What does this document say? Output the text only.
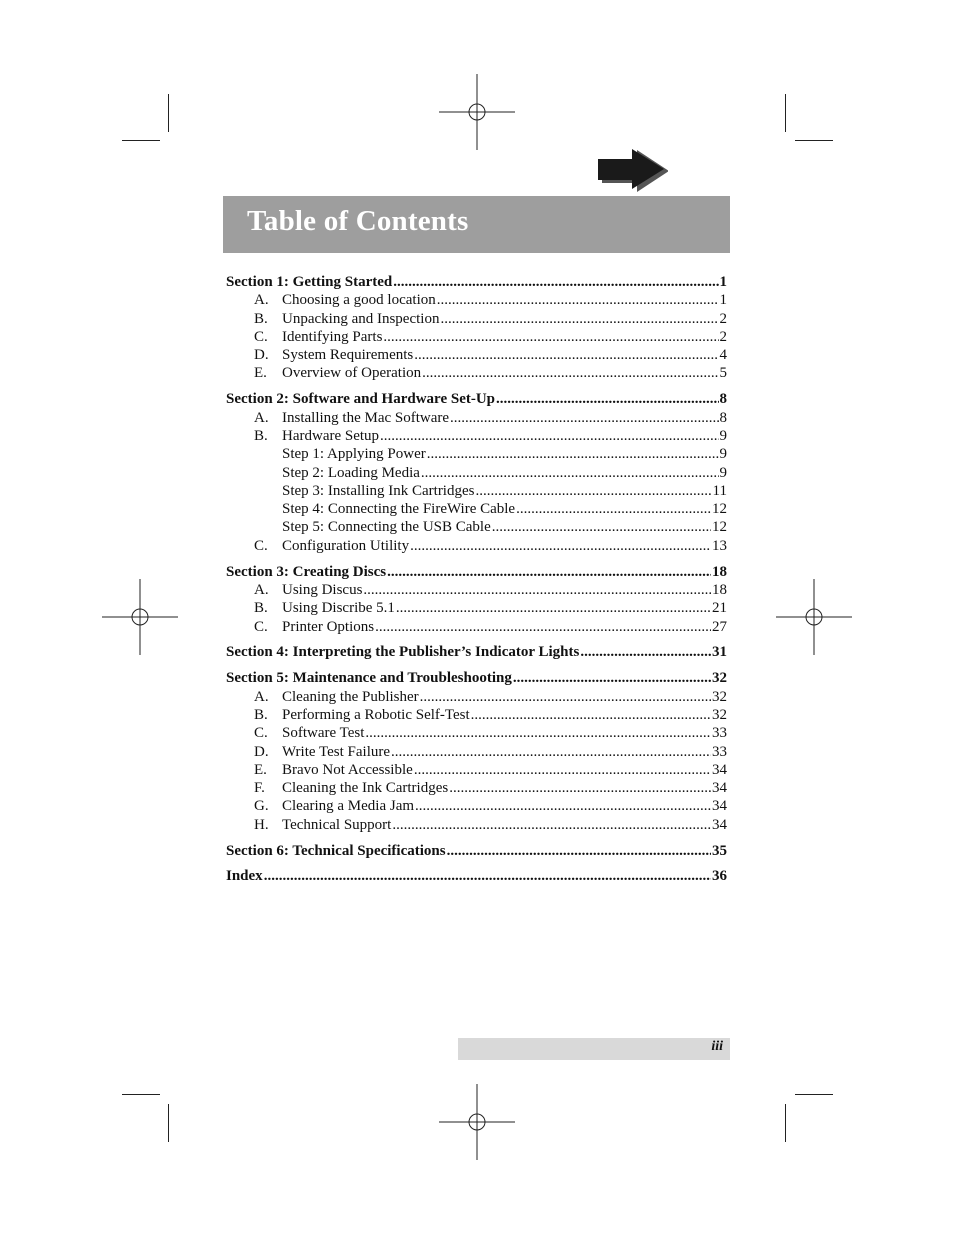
Table of Contents
Section 1: Getting Started .....	1
A. Choosing a good location .....	1
B. Unpacking and Inspection .....	2
C. Identifying Parts .....	2
D. System Requirements .....	4
E.	Overview of Operation .....	5
Section 2: Software and Hardware Set-Up .....	8
A. Installing the Mac Software .....	8
B. Hardware Setup .....	9
Step 1: Applying Power .....	9
Step 2: Loading Media .....	9
Step 3: Installing Ink Cartridges .....	11
Step 4: Connecting the FireWire Cable .....	12
Step 5: Connecting the USB Cable .....	12
C. Configuration Utility .....	13
Section 3: Creating Discs .....	18
A. Using Discus .....	18
B. Using Discribe 5.1 .....	21
C. Printer Options .....	27
Section 4: Interpreting the Publisher’s Indicator Lights .....	31
Section 5: Maintenance and Troubleshooting .....	32
A. Cleaning the Publisher .....	32
B. Performing a Robotic Self-Test .....	32
C. Software Test .....	33
D. Write Test Failure .....	33
E.	Bravo Not Accessible .....	34
F.	Cleaning the Ink Cartridges .....	34
G. Clearing a Media Jam .....	34
H. Technical Support .....	34
Section 6: Technical Specifications .....	35
Index .....	36
iii
